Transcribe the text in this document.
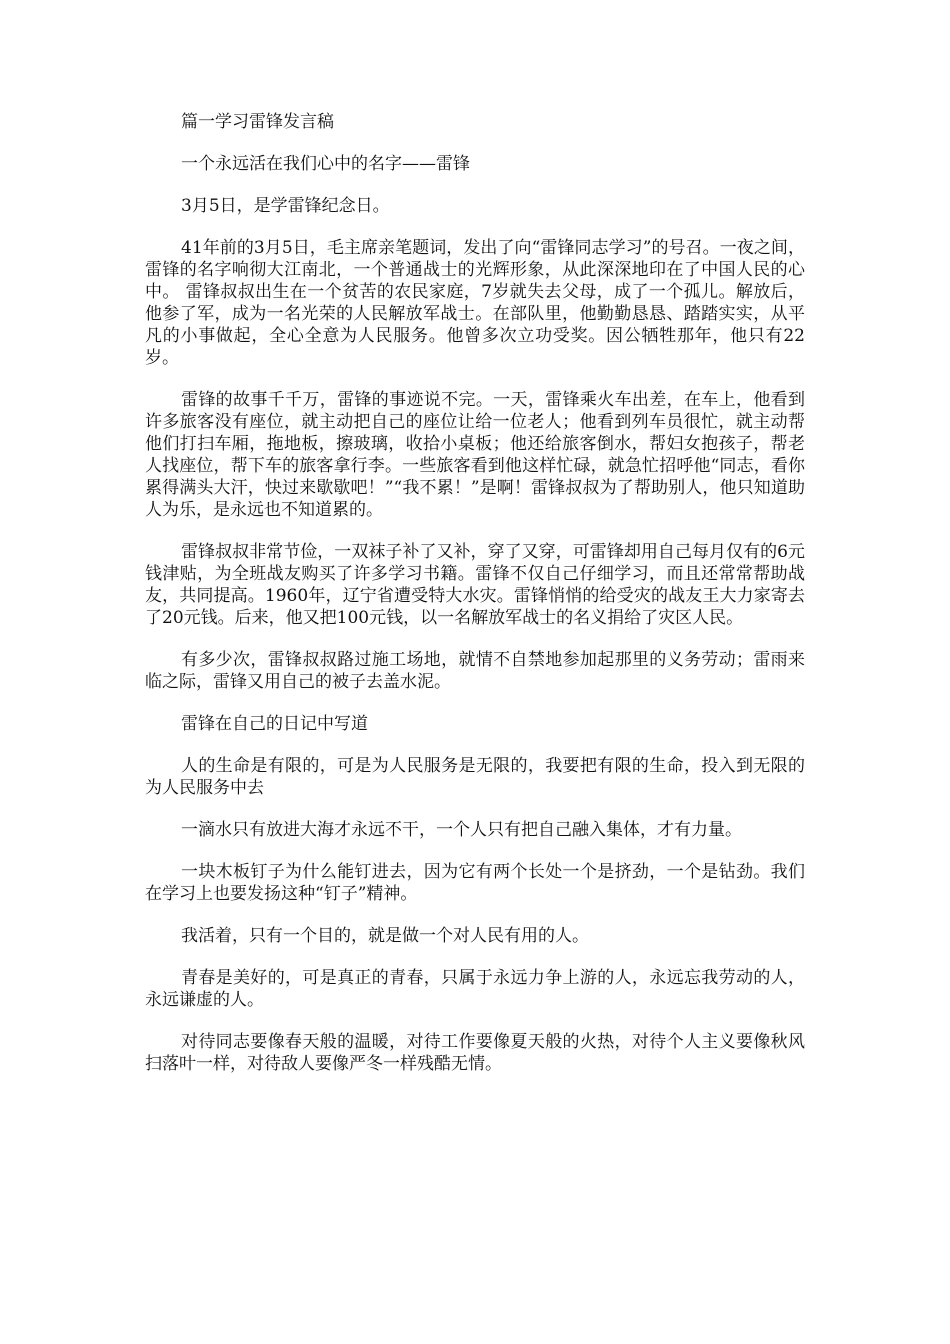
篇一学习雷锋发言稿

一个永远活在我们心中的名字——雷锋

3月5日，是学雷锋纪念日。

41年前的3月5日，毛主席亲笔题词，发出了向“雷锋同志学习”的号召。一夜之间，雷锋的名字响彻大江南北，一个普通战士的光辉形象，从此深深地印在了中国人民的心中。 雷锋叔叔出生在一个贫苦的农民家庭，7岁就失去父母，成了一个孤儿。解放后，他参了军，成为一名光荣的人民解放军战士。在部队里，他勤勤恳恳、踏踏实实，从平凡的小事做起，全心全意为人民服务。他曾多次立功受奖。因公牺牲那年，他只有22岁。

雷锋的故事千千万，雷锋的事迹说不完。一天，雷锋乘火车出差，在车上，他看到许多旅客没有座位，就主动把自己的座位让给一位老人；他看到列车员很忙，就主动帮他们打扫车厢，拖地板，擦玻璃，收拾小桌板；他还给旅客倒水，帮妇女抱孩子，帮老人找座位，帮下车的旅客拿行李。一些旅客看到他这样忙碌，就急忙招呼他“同志，看你累得满头大汗，快过来歇歇吧！”“我不累！”是啊！雷锋叔叔为了帮助别人，他只知道助人为乐，是永远也不知道累的。

雷锋叔叔非常节俭，一双袜子补了又补，穿了又穿，可雷锋却用自己每月仅有的6元钱津贴，为全班战友购买了许多学习书籍。雷锋不仅自己仔细学习，而且还常常帮助战友，共同提高。1960年，辽宁省遭受特大水灾。雷锋悄悄的给受灾的战友王大力家寄去了20元钱。后来，他又把100元钱，以一名解放军战士的名义捐给了灾区人民。

有多少次，雷锋叔叔路过施工场地，就情不自禁地参加起那里的义务劳动；雷雨来临之际，雷锋又用自己的被子去盖水泥。

雷锋在自己的日记中写道

人的生命是有限的，可是为人民服务是无限的，我要把有限的生命，投入到无限的为人民服务中去

一滴水只有放进大海才永远不干，一个人只有把自己融入集体，才有力量。

一块木板钉子为什么能钉进去，因为它有两个长处一个是挤劲，一个是钻劲。我们在学习上也要发扬这种“钉子”精神。

我活着，只有一个目的，就是做一个对人民有用的人。

青春是美好的，可是真正的青春，只属于永远力争上游的人，永远忘我劳动的人，永远谦虚的人。

对待同志要像春天般的温暖，对待工作要像夏天般的火热，对待个人主义要像秋风扫落叶一样，对待敌人要像严冬一样残酷无情。
